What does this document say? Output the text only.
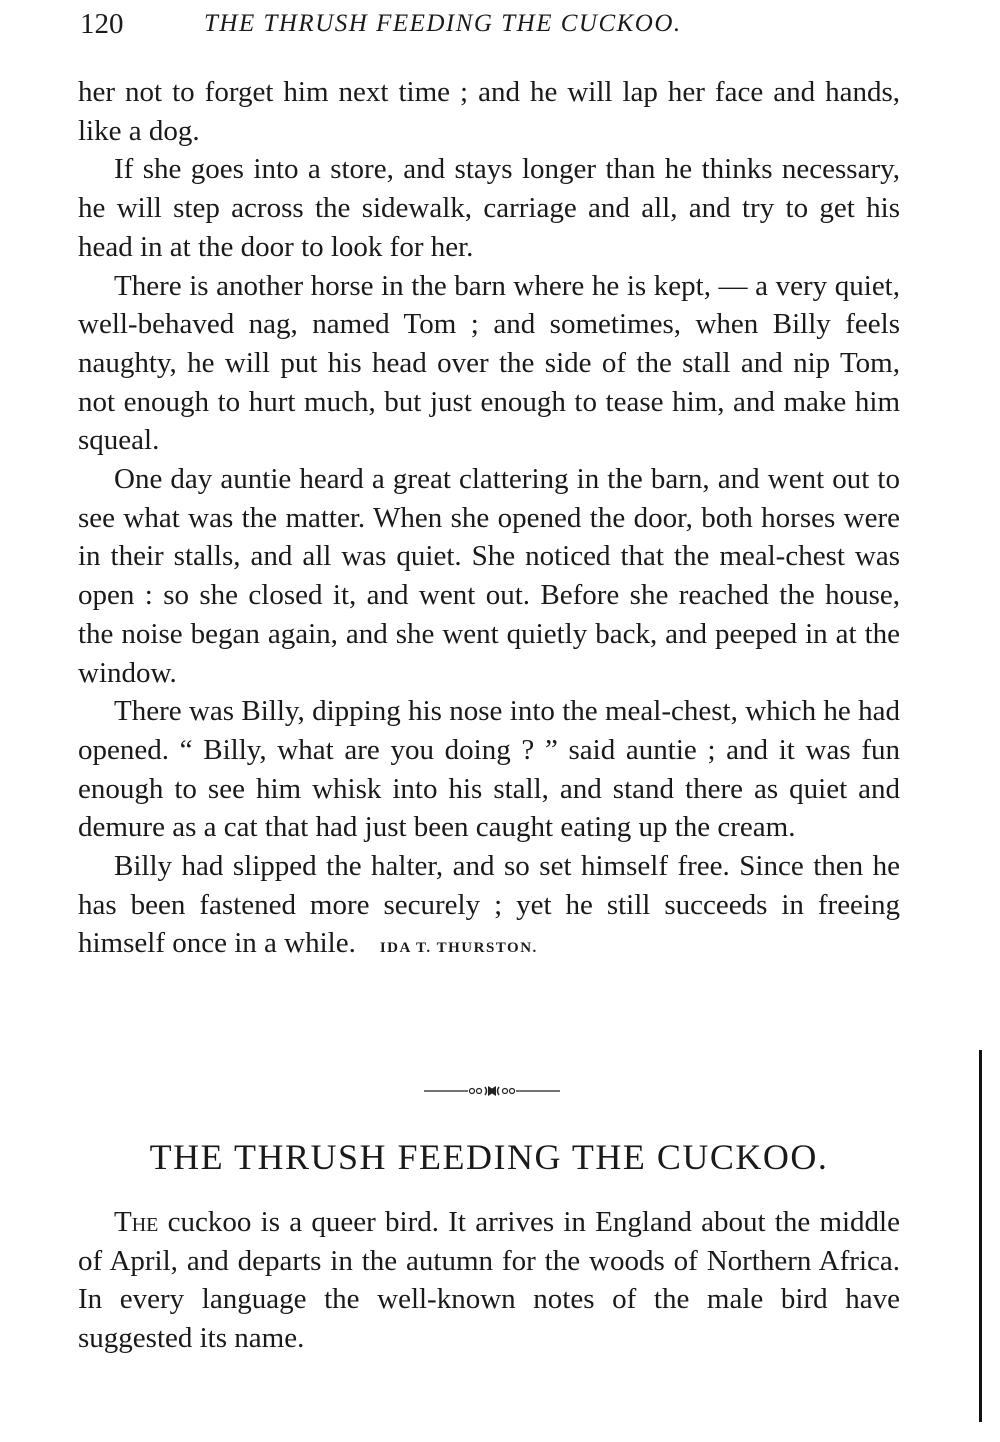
120	THE THRUSH FEEDING THE CUCKOO.

her not to forget him next time ; and he will lap her face and hands, like a dog.

If she goes into a store, and stays longer than he thinks necessary, he will step across the sidewalk, carriage and all, and try to get his head in at the door to look for her.

There is another horse in the barn where he is kept, — a very quiet, well-behaved nag, named Tom ; and sometimes, when Billy feels naughty, he will put his head over the side of the stall and nip Tom, not enough to hurt much, but just enough to tease him, and make him squeal.

One day auntie heard a great clattering in the barn, and went out to see what was the matter. When she opened the door, both horses were in their stalls, and all was quiet. She noticed that the meal-chest was open : so she closed it, and went out. Before she reached the house, the noise began again, and she went quietly back, and peeped in at the window.

There was Billy, dipping his nose into the meal-chest, which he had opened. “ Billy, what are you doing ? ” said auntie ; and it was fun enough to see him whisk into his stall, and stand there as quiet and demure as a cat that had just been caught eating up the cream.

Billy had slipped the halter, and so set himself free. Since then he has been fastened more securely ; yet he still succeeds in freeing himself once in a while. IDA T. THURSTON.

THE THRUSH FEEDING THE CUCKOO.

The cuckoo is a queer bird. It arrives in England about the middle of April, and departs in the autumn for the woods of Northern Africa. In every language the well-known notes of the male bird have suggested its name.
